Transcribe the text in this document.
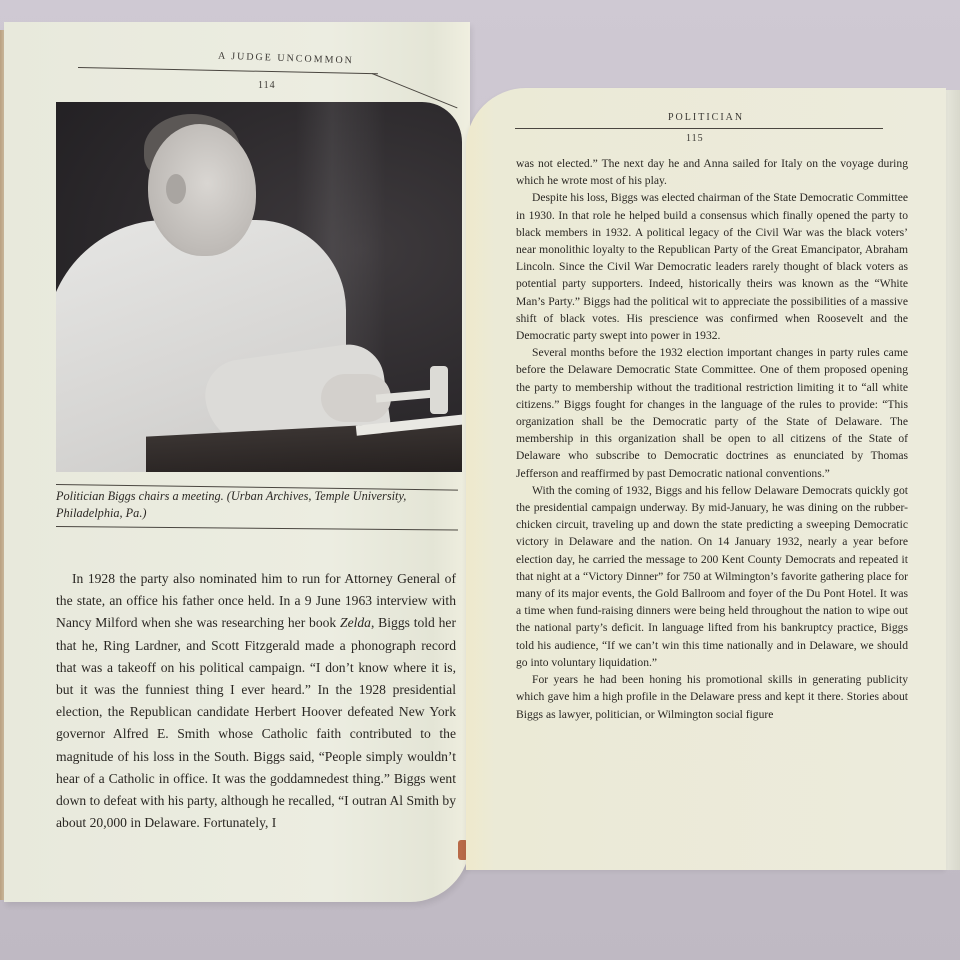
A JUDGE UNCOMMON
114
Politician Biggs chairs a meeting. (Urban Archives, Temple University, Philadelphia, Pa.)

In 1928 the party also nominated him to run for Attorney General of the state, an office his father once held. In a 9 June 1963 interview with Nancy Milford when she was researching her book Zelda, Biggs told her that he, Ring Lardner, and Scott Fitzgerald made a phonograph record that was a takeoff on his political campaign. “I don’t know where it is, but it was the funniest thing I ever heard.” In the 1928 presidential election, the Republican candidate Herbert Hoover defeated New York governor Alfred E. Smith whose Catholic faith contributed to the magnitude of his loss in the South. Biggs said, “People simply wouldn’t hear of a Catholic in office. It was the goddamnedest thing.” Biggs went down to defeat with his party, although he recalled, “I outran Al Smith by about 20,000 in Delaware. Fortunately, I

POLITICIAN
115

was not elected.” The next day he and Anna sailed for Italy on the voyage during which he wrote most of his play.

Despite his loss, Biggs was elected chairman of the State Democratic Committee in 1930. In that role he helped build a consensus which finally opened the party to black members in 1932. A political legacy of the Civil War was the black voters’ near monolithic loyalty to the Republican Party of the Great Emancipator, Abraham Lincoln. Since the Civil War Democratic leaders rarely thought of black voters as potential party supporters. Indeed, historically theirs was known as the “White Man’s Party.” Biggs had the political wit to appreciate the possibilities of a massive shift of black votes. His prescience was confirmed when Roosevelt and the Democratic party swept into power in 1932.

Several months before the 1932 election important changes in party rules came before the Delaware Democratic State Committee. One of them proposed opening the party to membership without the traditional restriction limiting it to “all white citizens.” Biggs fought for changes in the language of the rules to provide: “This organization shall be the Democratic party of the State of Delaware. The membership in this organization shall be open to all citizens of the State of Delaware who subscribe to Democratic doctrines as enunciated by Thomas Jefferson and reaffirmed by past Democratic national conventions.”

With the coming of 1932, Biggs and his fellow Delaware Democrats quickly got the presidential campaign underway. By mid-January, he was dining on the rubber-chicken circuit, traveling up and down the state predicting a sweeping Democratic victory in Delaware and the nation. On 14 January 1932, nearly a year before election day, he carried the message to 200 Kent County Democrats and repeated it that night at a “Victory Dinner” for 750 at Wilmington’s favorite gathering place for many of its major events, the Gold Ballroom and foyer of the Du Pont Hotel. It was a time when fund-raising dinners were being held throughout the nation to wipe out the national party’s deficit. In language lifted from his bankruptcy practice, Biggs told his audience, “If we can’t win this time nationally and in Delaware, we should go into voluntary liquidation.”

For years he had been honing his promotional skills in generating publicity which gave him a high profile in the Delaware press and kept it there. Stories about Biggs as lawyer, politician, or Wilmington social figure
